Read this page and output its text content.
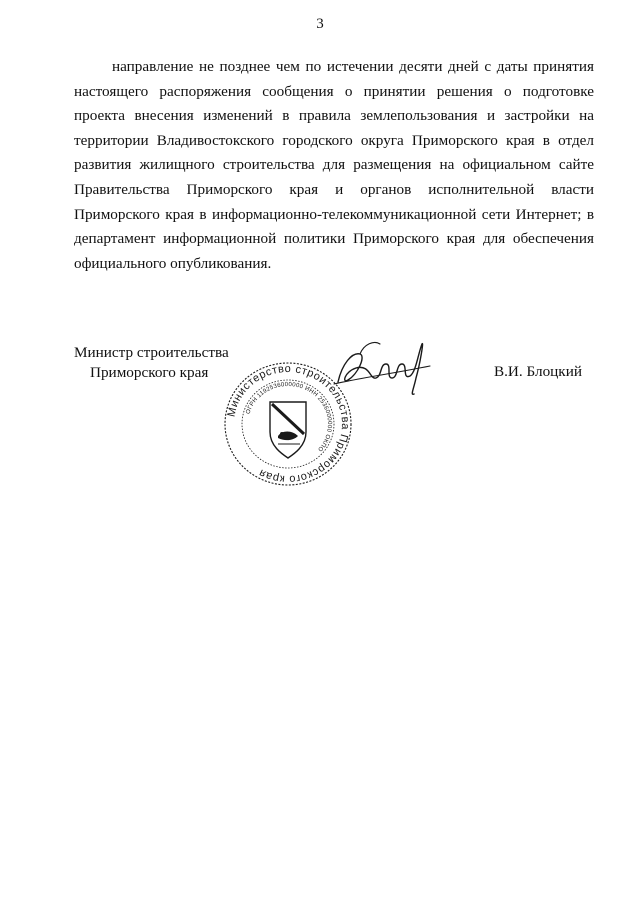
3

направление не позднее чем по истечении десяти дней с даты принятия настоящего распоряжения сообщения о принятии решения о подготовке проекта внесения изменений в правила землепользования и застройки на территории Владивостокского городского округа Приморского края в отдел развития жилищного строительства для размещения на официальном сайте Правительства Приморского края и органов исполнительной власти Приморского края в информационно-телекоммуникационной сети Интернет; в департамент информационной политики Приморского края для обеспечения официального опубликования.

Министр строительства
Приморского края	В.И. Блоцкий
Министерство строительства Приморского края
ОГРН 1192536000000 ИНН 2536000000 ОКПО
